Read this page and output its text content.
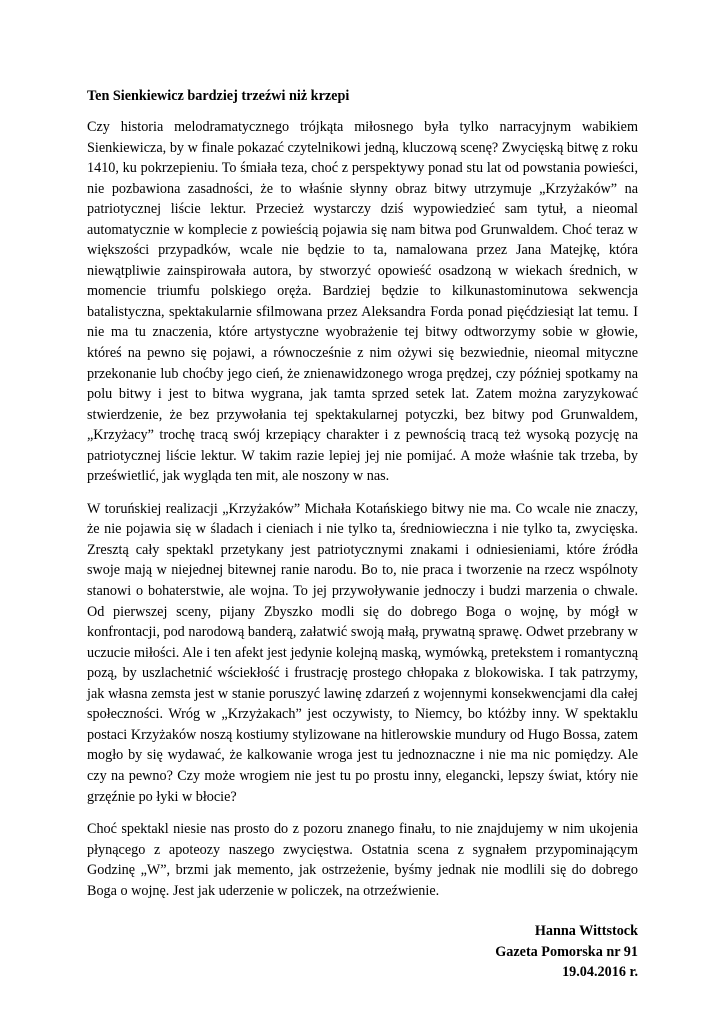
Ten Sienkiewicz bardziej trzeźwi niż krzepi

Czy historia melodramatycznego trójkąta miłosnego była tylko narracyjnym wabikiem Sienkiewicza, by w finale pokazać czytelnikowi jedną, kluczową scenę? Zwycięską bitwę z roku 1410, ku pokrzepieniu. To śmiała teza, choć z perspektywy ponad stu lat od powstania powieści, nie pozbawiona zasadności, że to właśnie słynny obraz bitwy utrzymuje „Krzyżaków” na patriotycznej liście lektur. Przecież wystarczy dziś wypowiedzieć sam tytuł, a nieomal automatycznie w komplecie z powieścią pojawia się nam bitwa pod Grunwaldem. Choć teraz w większości przypadków, wcale nie będzie to ta, namalowana przez Jana Matejkę, która niewątpliwie zainspirowała autora, by stworzyć opowieść osadzoną w wiekach średnich, w momencie triumfu polskiego oręża. Bardziej będzie to kilkunastominutowa sekwencja batalistyczna, spektakularnie sfilmowana przez Aleksandra Forda ponad pięćdziesiąt lat temu. I nie ma tu znaczenia, które artystyczne wyobrażenie tej bitwy odtworzymy sobie w głowie, któreś na pewno się pojawi, a równocześnie z nim ożywi się bezwiednie, nieomal mityczne przekonanie lub choćby jego cień, że znienawidzonego wroga prędzej, czy później spotkamy na polu bitwy i jest to bitwa wygrana, jak tamta sprzed setek lat. Zatem można zaryzykować stwierdzenie, że bez przywołania tej spektakularnej potyczki, bez bitwy pod Grunwaldem, „Krzyżacy” trochę tracą swój krzepiący charakter i z pewnością tracą też wysoką pozycję na patriotycznej liście lektur. W takim razie lepiej jej nie pomijać. A może właśnie tak trzeba, by prześwietlić, jak wygląda ten mit, ale noszony w nas.

W toruńskiej realizacji „Krzyżaków” Michała Kotańskiego bitwy nie ma. Co wcale nie znaczy, że nie pojawia się w śladach i cieniach i nie tylko ta, średniowieczna i nie tylko ta, zwycięska. Zresztą cały spektakl przetykany jest patriotycznymi znakami i odniesieniami, które źródła swoje mają w niejednej bitewnej ranie narodu. Bo to, nie praca i tworzenie na rzecz wspólnoty stanowi o bohaterstwie, ale wojna. To jej przywoływanie jednoczy i budzi marzenia o chwale. Od pierwszej sceny, pijany Zbyszko modli się do dobrego Boga o wojnę, by mógł w konfrontacji, pod narodową banderą, załatwić swoją małą, prywatną sprawę. Odwet przebrany w uczucie miłości. Ale i ten afekt jest jedynie kolejną maską, wymówką, pretekstem i romantyczną pozą, by uszlachetnić wściekłość i frustrację prostego chłopaka z blokowiska. I tak patrzymy, jak własna zemsta jest w stanie poruszyć lawinę zdarzeń z wojennymi konsekwencjami dla całej społeczności. Wróg w „Krzyżakach” jest oczywisty, to Niemcy, bo któżby inny. W spektaklu postaci Krzyżaków noszą kostiumy stylizowane na hitlerowskie mundury od Hugo Bossa, zatem mogło by się wydawać, że kalkowanie wroga jest tu jednoznaczne i nie ma nic pomiędzy. Ale czy na pewno? Czy może wrogiem nie jest tu po prostu inny, elegancki, lepszy świat, który nie grzęźnie po łyki w błocie?

Choć spektakl niesie nas prosto do z pozoru znanego finału, to nie znajdujemy w nim ukojenia płynącego z apoteozy naszego zwycięstwa. Ostatnia scena z sygnałem przypominającym Godzinę „W”, brzmi jak memento, jak ostrzeżenie, byśmy jednak nie modlili się do dobrego Boga o wojnę. Jest jak uderzenie w policzek, na otrzeźwienie.

Hanna Wittstock
Gazeta Pomorska nr 91
19.04.2016 r.
